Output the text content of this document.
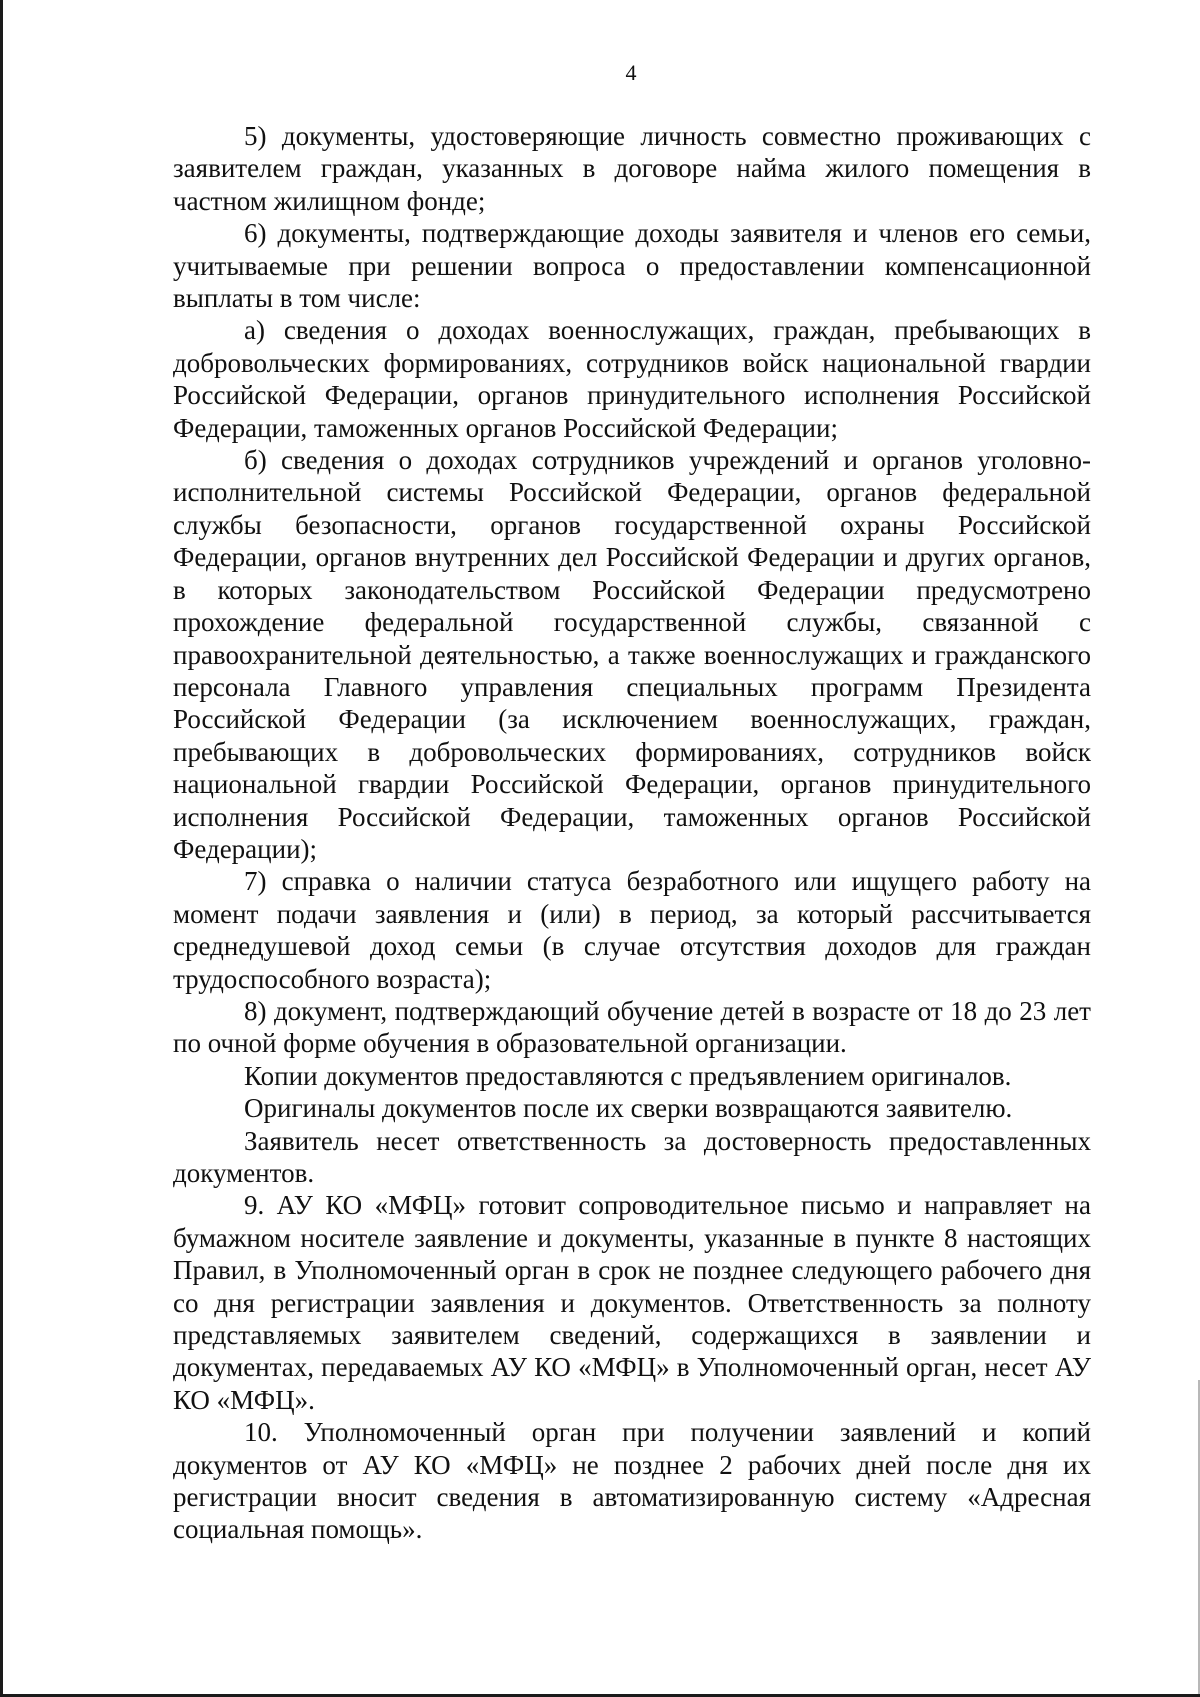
4

5) документы, удостоверяющие личность совместно проживающих с заявителем граждан, указанных в договоре найма жилого помещения в частном жилищном фонде;

6) документы, подтверждающие доходы заявителя и членов его семьи, учитываемые при решении вопроса о предоставлении компенсационной выплаты в том числе:

а) сведения о доходах военнослужащих, граждан, пребывающих в добровольческих формированиях, сотрудников войск национальной гвардии Российской Федерации, органов принудительного исполнения Российской Федерации, таможенных органов Российской Федерации;

б) сведения о доходах сотрудников учреждений и органов уголовно-исполнительной системы Российской Федерации, органов федеральной службы безопасности, органов государственной охраны Российской Федерации, органов внутренних дел Российской Федерации и других органов, в которых законодательством Российской Федерации предусмотрено прохождение федеральной государственной службы, связанной с правоохранительной деятельностью, а также военнослужащих и гражданского персонала Главного управления специальных программ Президента Российской Федерации (за исключением военнослужащих, граждан, пребывающих в добровольческих формированиях, сотрудников войск национальной гвардии Российской Федерации, органов принудительного исполнения Российской Федерации, таможенных органов Российской Федерации);

7) справка о наличии статуса безработного или ищущего работу на момент подачи заявления и (или) в период, за который рассчитывается среднедушевой доход семьи (в случае отсутствия доходов для граждан трудоспособного возраста);

8) документ, подтверждающий обучение детей в возрасте от 18 до 23 лет по очной форме обучения в образовательной организации.

Копии документов предоставляются с предъявлением оригиналов.

Оригиналы документов после их сверки возвращаются заявителю.

Заявитель несет ответственность за достоверность предоставленных документов.

9. АУ КО «МФЦ» готовит сопроводительное письмо и направляет на бумажном носителе заявление и документы, указанные в пункте 8 настоящих Правил, в Уполномоченный орган в срок не позднее следующего рабочего дня со дня регистрации заявления и документов. Ответственность за полноту представляемых заявителем сведений, содержащихся в заявлении и документах, передаваемых АУ КО «МФЦ» в Уполномоченный орган, несет АУ КО «МФЦ».

10. Уполномоченный орган при получении заявлений и копий документов от АУ КО «МФЦ» не позднее 2 рабочих дней после дня их регистрации вносит сведения в автоматизированную систему «Адресная социальная помощь».
